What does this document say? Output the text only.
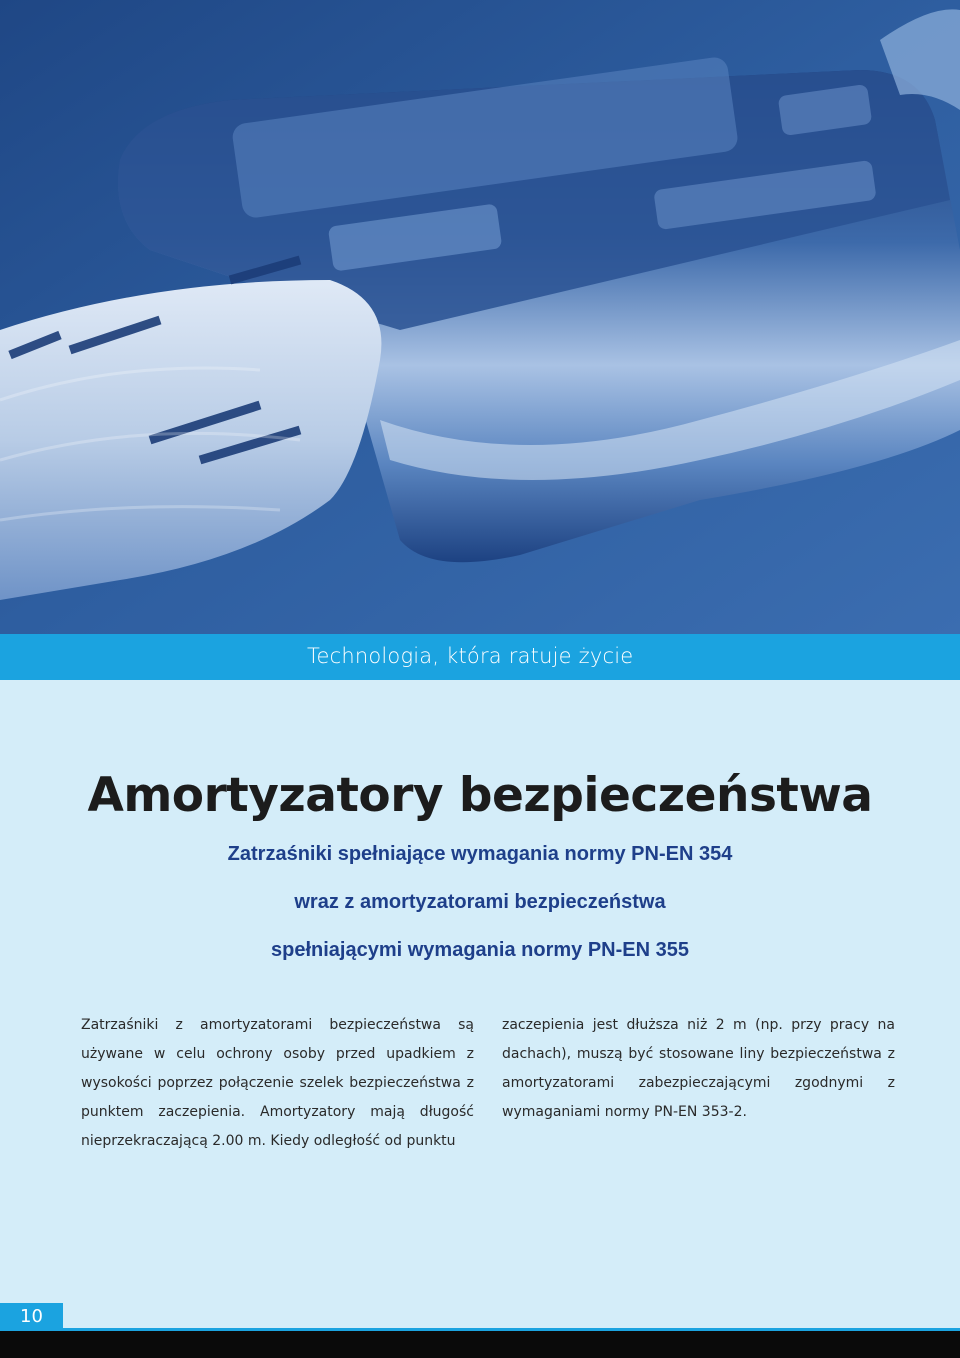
Technologia, która ratuje życie
Amortyzatory bezpieczeństwa
Zatrzaśniki spełniające wymagania normy PN-EN 354
wraz z amortyzatorami bezpieczeństwa
spełniającymi wymagania normy PN-EN 355
Zatrzaśniki z amortyzatorami bezpieczeństwa są używane w celu ochrony osoby przed upadkiem z wysokości poprzez połączenie szelek bezpieczeństwa z punktem zaczepienia. Amortyzatory mają długość nieprzekraczającą 2.00 m. Kiedy odległość od punktu
zaczepienia jest dłuższa niż 2 m (np. przy pracy na dachach), muszą być stosowane liny bezpieczeństwa z amortyzatorami zabezpieczającymi zgodnymi z wymaganiami normy PN-EN 353-2.
10
